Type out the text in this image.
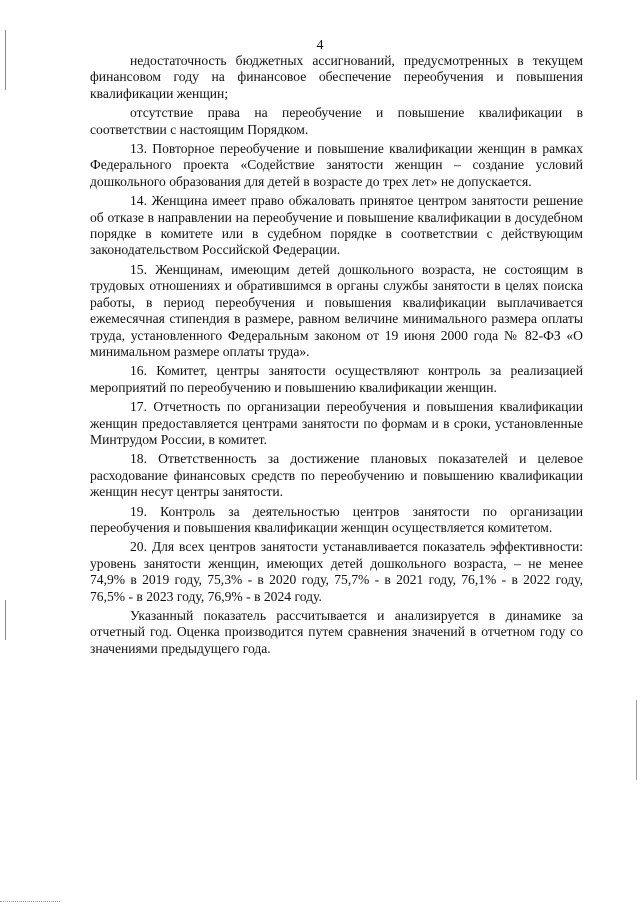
4

недостаточность бюджетных ассигнований, предусмотренных в текущем финансовом году на финансовое обеспечение переобучения и повышения квалификации женщин;

отсутствие права на переобучение и повышение квалификации в соответствии с настоящим Порядком.

13. Повторное переобучение и повышение квалификации женщин в рамках Федерального проекта «Содействие занятости женщин – создание условий дошкольного образования для детей в возрасте до трех лет» не допускается.

14. Женщина имеет право обжаловать принятое центром занятости решение об отказе в направлении на переобучение и повышение квалификации в досудебном порядке в комитете или в судебном порядке в соответствии с действующим законодательством Российской Федерации.

15. Женщинам, имеющим детей дошкольного возраста, не состоящим в трудовых отношениях и обратившимся в органы службы занятости в целях поиска работы, в период переобучения и повышения квалификации выплачивается ежемесячная стипендия в размере, равном величине минимального размера оплаты труда, установленного Федеральным законом от 19 июня 2000 года № 82-ФЗ «О минимальном размере оплаты труда».

16. Комитет, центры занятости осуществляют контроль за реализацией мероприятий по переобучению и повышению квалификации женщин.

17. Отчетность по организации переобучения и повышения квалификации женщин предоставляется центрами занятости по формам и в сроки, установленные Минтрудом России, в комитет.

18. Ответственность за достижение плановых показателей и целевое расходование финансовых средств по переобучению и повышению квалификации женщин несут центры занятости.

19. Контроль за деятельностью центров занятости по организации переобучения и повышения квалификации женщин осуществляется комитетом.

20. Для всех центров занятости устанавливается показатель эффективности: уровень занятости женщин, имеющих детей дошкольного возраста, – не менее 74,9% в 2019 году, 75,3% - в 2020 году, 75,7% - в 2021 году, 76,1% - в 2022 году, 76,5% - в 2023 году, 76,9% - в 2024 году.

Указанный показатель рассчитывается и анализируется в динамике за отчетный год. Оценка производится путем сравнения значений в отчетном году со значениями предыдущего года.
